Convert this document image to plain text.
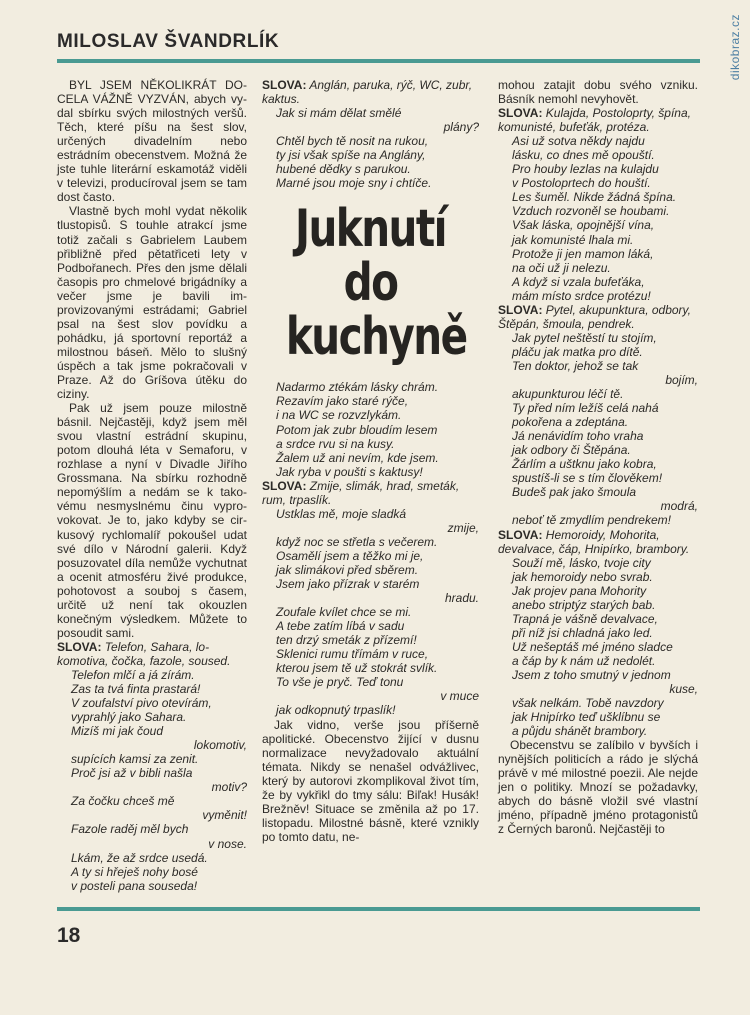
dikobraz.cz
MILOSLAV ŠVANDRLÍK

BYL JSEM NĚKOLIKRÁT DOCELA VÁŽNĚ VYZVÁN, abych vydal sbírku svých milostných veršů. Těch, které píšu na šest slov, určených divadelním nebo estrádním obecenstvem. Možná že jste tuhle literární eskamotáž viděli v televizi, producíroval jsem se tam dost často.

Vlastně bych mohl vydat několik tlustopisů. S touhle atrakcí jsme totiž začali s Gabrielem Laubem přibližně před pětatřiceti lety v Podbořanech. Přes den jsme dělali časopis pro chmelové brigádníky a večer jsme je bavili improvizovanými estrádami; Gabriel psal na šest slov povídku a pohádku, já sportovní reportáž a milostnou báseň. Mělo to slušný úspěch a tak jsme pokračovali v Praze. Až do Gríšova útěku do ciziny.

Pak už jsem pouze milostně básnil. Nejčastěji, když jsem měl svou vlastní estrádní skupinu, potom dlouhá léta v Semaforu, v rozhlase a nyní v Divadle Jiřího Grossmana. Na sbírku rozhodně nepomýšlím a nedám se k takovému nesmyslnému činu vyprovokovat. Je to, jako kdyby se cirkusový rychlomalíř pokoušel udat své dílo v Národní galerii. Když posuzovatel díla nemůže vychutnat a ocenit atmosféru živé produkce, pohotovost a souboj s časem, určitě už není tak okouzlen konečným výsledkem. Můžete to posoudit sami.

SLOVA: Telefon, Sahara, lokomotiva, čočka, fazole, soused.

Telefon mlčí a já zírám.
Zas ta tvá finta prastará!
V zoufalství pivo otevírám,
vyprahlý jako Sahara.
Mizíš mi jak čoud
lokomotiv,
supících kamsi za zenit.
Proč jsi až v bibli našla
motiv?
Za čočku chceš mě
vyměnit!
Fazole raděj měl bych
v nose.
Lkám, že až srdce usedá.
A ty si hřeješ nohy bosé
v posteli pana souseda!

SLOVA: Anglán, paruka, rýč, WC, zubr, kaktus.

Jak si mám dělat smělé
plány?
Chtěl bych tě nosit na rukou,
ty jsi však spíše na Anglány,
hubené dědky s parukou.
Marné jsou moje sny i chtíče.
Juknutí
do
kuchyně
Nadarmo ztékám lásky chrám.
Rezavím jako staré rýče,
i na WC se rozvzlykám.
Potom jak zubr bloudím lesem
a srdce rvu si na kusy.
Žalem už ani nevím, kde jsem.
Jak ryba v poušti s kaktusy!

SLOVA: Zmije, slimák, hrad, smeták, rum, trpaslík.

Ustklas mě, moje sladká
zmije,
když noc se střetla s večerem.
Osamělí jsem a těžko mi je,
jak slimákovi před sběrem.
Jsem jako přízrak v starém
hradu.
Zoufale kvílet chce se mi.
A tebe zatím líbá v sadu
ten drzý smeták z přízemí!
Sklenici rumu třímám v ruce,
kterou jsem tě už stokrát svlík.
To vše je pryč. Teď tonu
v muce
jak odkopnutý trpaslík!

Jak vidno, verše jsou příšerně apolitické. Obecenstvo žijící v dusnu normalizace nevyžadovalo aktuální témata. Nikdy se nenašel odvážlivec, který by autorovi zkomplikoval život tím, že by vykřikl do tmy sálu: Biľak! Husák! Brežněv! Situace se změnila až po 17. listopadu. Milostné básně, které vznikly po tomto datu, ne-

mohou zatajit dobu svého vzniku. Básník nemohl nevyhovět.

SLOVA: Kulajda, Postoloprty, špína, komunisté, bufeťák, protéza.

Asi už sotva někdy najdu
lásku, co dnes mě opouští.
Pro houby lezlas na kulajdu
v Postoloprtech do houští.
Les šuměl. Nikde žádná špína.
Vzduch rozvoněl se houbami.
Však láska, opojnější vína,
jak komunisté lhala mi.
Protože ji jen mamon láká,
na oči už ji nelezu.
A když si vzala bufeťáka,
mám místo srdce protézu!

SLOVA: Pytel, akupunktura, odbory, Štěpán, šmoula, pendrek.

Jak pytel neštěstí tu stojím,
pláču jak matka pro dítě.
Ten doktor, jehož se tak
bojím,
akupunkturou léčí tě.
Ty před ním ležíš celá nahá
pokořena a zdeptána.
Já nenávidím toho vraha
jak odbory či Štěpána.
Žárlím a uštknu jako kobra,
spustíš-li se s tím člověkem!
Budeš pak jako šmoula
modrá,
neboť tě zmydlím pendrekem!

SLOVA: Hemoroidy, Mohorita, devalvace, čáp, Hnipírko, brambory.

Souží mě, lásko, tvoje city
jak hemoroidy nebo svrab.
Jak projev pana Mohority
anebo striptýz starých bab.
Trapná je vášně devalvace,
při níž jsi chladná jako led.
Už nešeptáš mé jméno sladce
a čáp by k nám už nedolét.
Jsem z toho smutný v jednom
kuse,
však nelkám. Tobě navzdory
jak Hnipírko teď ušklíbnu se
a půjdu shánět brambory.

Obecenstvu se zalíbilo v byvších i nynějších politicích a rádo je slýchá právě v mé milostné poezii. Ale nejde jen o politiky. Mnozí se požadavky, abych do básně vložil své vlastní jméno, případně jméno protagonistů z Černých baronů. Nejčastěji to

18
